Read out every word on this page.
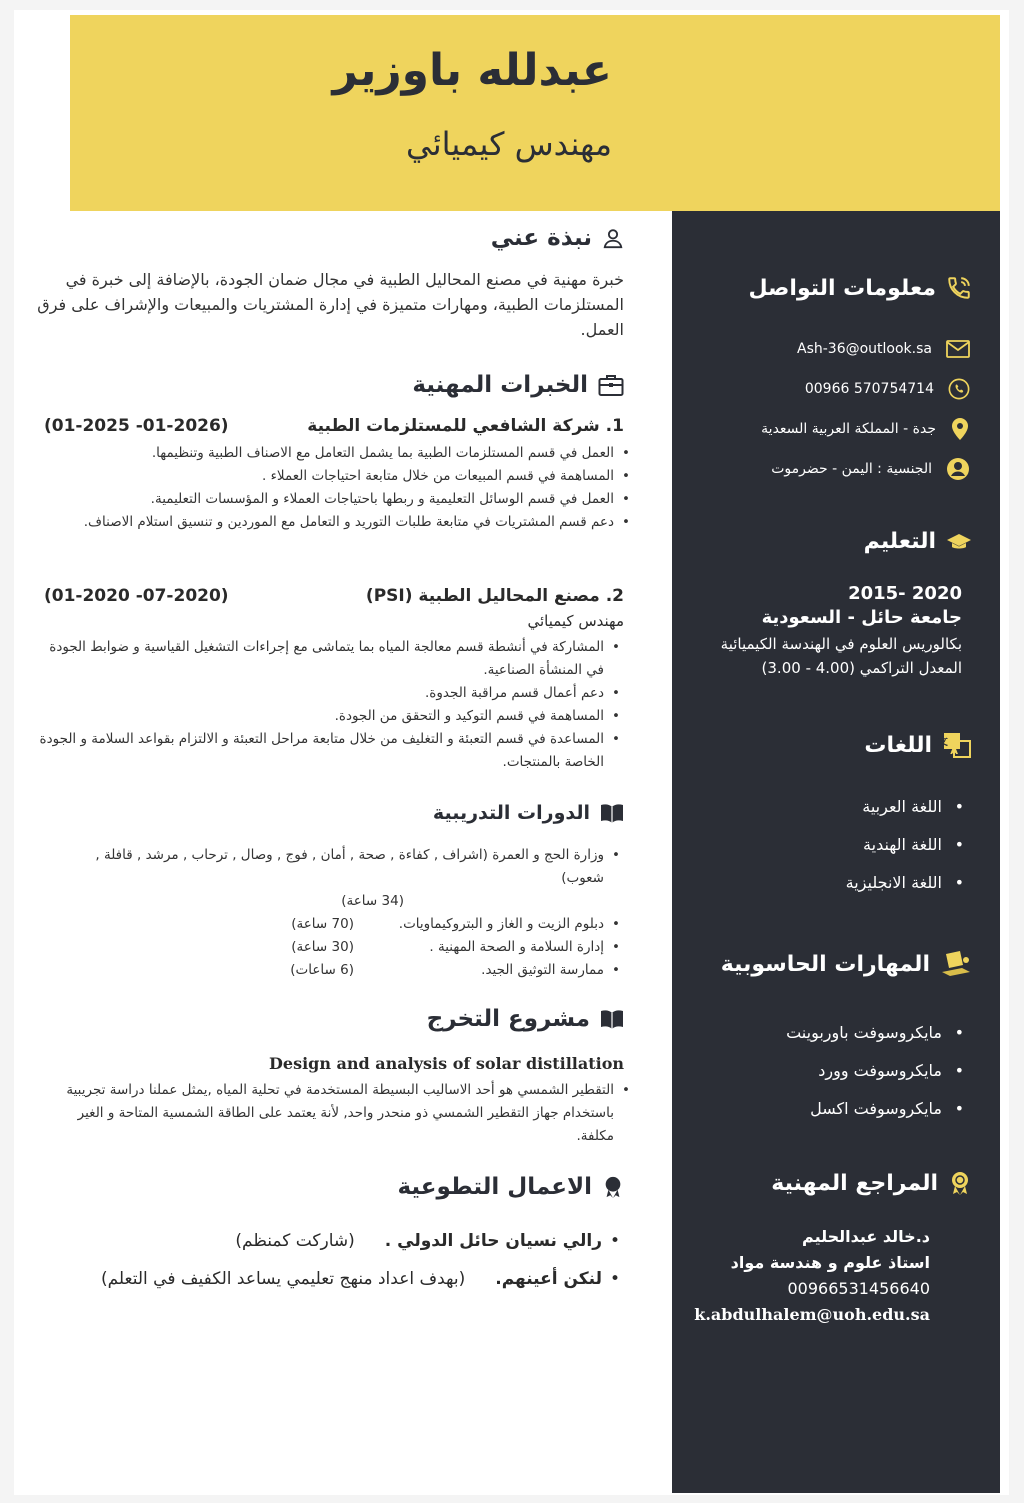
عبدلله باوزير
مهندس كيميائي
معلومات التواصل
Ash-36@outlook.sa
00966 570754714
جدة - المملكة العربية السعدية
الجنسية : اليمن - حضرموت
التعليم
2015- 2020
جامعة حائل - السعودية
بكالوريس العلوم في الهندسة الكيميائية
المعدل التراكمي (4.00 - 3.00)
文
A
اللغات
• اللغة العربية
• اللغة الهندية
• اللغة الانجليزية
المهارات الحاسوبية
• مايكروسوفت باوربوينت
• مايكروسوفت وورد
• مايكروسوفت اكسل
المراجع المهنية
د.خالد عبدالحليم
استاذ علوم و هندسة مواد
00966531456640
k.abdulhalem@uoh.edu.sa
نبذة عني

خبرة مهنية في مصنع المحاليل الطبية في مجال ضمان الجودة، بالإضافة إلى خبرة في المستلزمات الطبية، ومهارات متميزة في إدارة المشتريات والمبيعات والإشراف على فرق العمل.

الخبرات المهنية
1. شركة الشافعي للمستلزمات الطبية
(01-2025 -01-2026)
• العمل في قسم المستلزمات الطبية بما يشمل التعامل مع الاصناف الطبية وتنظيمها.
• المساهمة في قسم المبيعات من خلال متابعة احتياجات العملاء .
• العمل في قسم الوسائل التعليمية و ربطها باحتياجات العملاء و المؤسسات التعليمية.
• دعم قسم المشتريات في متابعة طلبات التوريد و التعامل مع الموردين و تنسيق استلام الاصناف.
2. مصنع المحاليل الطبية (PSI)
(01-2020 -07-2020)
مهندس كيميائي
• المشاركة في أنشطة قسم معالجة المياه بما يتماشى مع إجراءات التشغيل القياسية و ضوابط الجودة في المنشأة الصناعية.
• دعم أعمال قسم مراقبة الجدوة.
• المساهمة في قسم التوكيد و التحقق من الجودة.
• المساعدة في قسم التعبئة و التغليف من خلال متابعة مراحل التعبئة و الالتزام بقواعد السلامة و الجودة الخاصة بالمنتجات.
الدورات التدريبية
• وزارة الحج و العمرة (اشراف , كفاءة , صحة , أمان , فوج , وصال , ترحاب , مرشد , قافلة , شعوب)
(34 ساعة)
• دبلوم الزيت و الغاز و البتروكيماويات.
(70 ساعة)
• إدارة السلامة و الصحة المهنية .
(30 ساعة)
• ممارسة التوثيق الجيد.
(6 ساعات)
مشروع التخرج
Design and analysis of solar distillation
• التقطير الشمسي هو أحد الاساليب البسيطة المستخدمة في تحلية المياه ,يمثل عملنا دراسة تجريبية باستخدام جهاز التقطير الشمسي ذو منحدر واحد, لأنة يعتمد على الطاقة الشمسية المتاحة و الغير مكلفة.
الاعمال التطوعية
• رالي نسيان حائل الدولي .
(شاركت كمنظم)
• لنكن أعينهم.
(بهدف اعداد منهج تعليمي يساعد الكفيف في التعلم)
